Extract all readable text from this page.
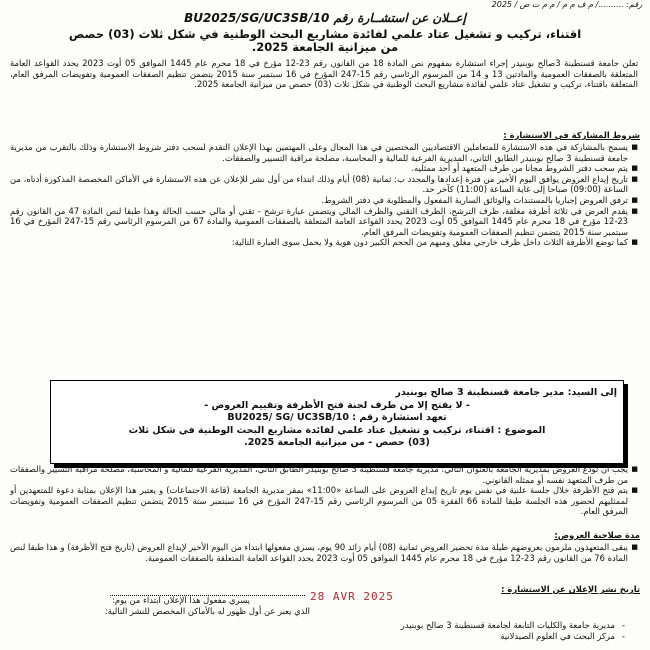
رقم: ........../ م ف م م / م م ت ص / 2025
إعــلان عن استشــارة رقم BU2025/SG/UC3SB/10
اقتناء، تركيب و تشغيل عتاد علمي لفائدة مشاريع البحث الوطنية في شكل ثلاث (03) حصص
من ميزانية الجامعة 2025.
تعلن جامعة قسنطينة 3صالح بوبنيدر إجراء استشارة بمفهوم نص المادة 18 من القانون رقم 23-12 مؤرخ في 18 محرم عام 1445 الموافق 05 أوت 2023 يحدد القواعد العامة المتعلقة بالصفقات العمومية والمادتين 13 و 14 من المرسوم الرئاسي رقم 15-247 المؤرخ في 16 سبتمبر سنة 2015 يتضمن تنظيم الصفقات العمومية وتفويضات المرفق العام، المتعلقة باقتناء، تركيب و تشغيل عتاد علمي لفائدة مشاريع البحث الوطنية في شكل ثلاث (03) حصص من ميزانية الجامعة 2025.
شروط المشاركة في الاستشارة :

■ يسمح بالمشاركة في هذه الاستشارة للمتعاملين الاقتصاديين المختصين في هذا المجال وعلى المهتمين بهذا الإعلان التقدم لسحب دفتر شروط الاستشارة وذلك بالتقرب من مديرية جامعة قسنطينة 3 صالح بوبنيدر الطابق الثاني، المديرية الفرعية للمالية و المحاسبة، مصلحة مراقبة التسيير والصفقات.

■ يتم سحب دفتر الشروط مجانا من طرف المتعهد أو أحد ممثليه.

■ تاريخ إيداع العروض يوافق اليوم الأخير من فترة إعدادها والمحدد ب: ثمانية (08) أيام وذلك ابتداء من أول نشر للإعلان عن هذه الاستشارة في الأماكن المخصصة المذكورة أدناه، من الساعة (09:00) صباحا إلى غاية الساعة (11:00) كآخر حد.

■ ترفق العروض إجباريا بالمستندات والوثائق السارية المفعول والمطلوبة في دفتر الشروط.

■ يقدم العرض في ثلاثة أظرفة مغلقة، ظرف الترشح، الظرف التقني والظرف المالي ويتضمن عبارة ترشح - تقني أو مالي حسب الحالة وهذا طبقا لنص المادة 47 من القانون رقم 23-12 مؤرخ في 18 محرم عام 1445 الموافق 05 أوت 2023 يحدد القواعد العامة المتعلقة بالصفقات العمومية والمادة 67 من المرسوم الرئاسي رقم 15-247 المؤرخ في 16 سبتمبر سنة 2015 يتضمن تنظيم الصفقات العمومية وتفويضات المرفق العام.

■ كما توضع الأظرفة الثلاث داخل ظرف خارجي مغلق ومبهم من الحجم الكبير دون هوية ولا يحمل سوى العبارة التالية:

إلى السيد: مدير جامعة قسنطينة 3 صالح بوبنيدر
- لا يفتح إلا من طرف لجنة فتح الأظرفة وتقييم العروض -
تعهد استشارة رقم : BU2025/ SG/ UC3SB/10
الموضوع : اقتناء، تركيب و تشغيل عتاد علمي لفائدة مشاريع البحث الوطنية في شكل ثلاث
(03) حصص - من ميزانية الجامعة 2025.

■ يجب أن تودع العروض بمديرية الجامعة بالعنوان التالي: مديرية جامعة قسنطينة 3 صالح بوبنيدر الطابق الثاني، المديرية الفرعية للمالية و المحاسبة، مصلحة مراقبة التسيير والصفقات من طرف المتعهد نفسه أو ممثله القانوني.

■ يتم فتح الأظرفة خلال جلسة علنية في نفس يوم تاريخ إيداع العروض على الساعة «11:00» بمقر مديرية الجامعة (قاعة الاجتماعات) و يعتبر هذا الإعلان بمثابة دعوة للمتعهدين أو لممثليهم لحضور هذه الجلسة طبقا للمادة 66 الفقرة 05 من المرسوم الرئاسي رقم 15-247 المؤرخ في 16 سبتمبر سنة 2015 يتضمن تنظيم الصفقات العمومية وتفويضات المرفق العام.

مدة صلاحية العروض:

■ يبقى المتعهدون ملزمون بعروضهم طيلة مدة تحضير العروض ثمانية (08) أيام زائد 90 يوم، يسري مفعولها ابتداء من اليوم الأخير لإيداع العروض (تاريخ فتح الأظرفة) و هذا طبقا لنص المادة 76 من القانون رقم 23-12 مؤرخ في 18 محرم عام 1445 الموافق 05 أوت 2023 يحدد القواعد العامة المتعلقة بالصفقات العمومية.

تاريخ نشر الإعلان عن الاستشارة :
يسري مفعول هذا الإعلان ابتداء من يوم:	28 AVR 2025
الذي يعبر عن أول ظهور له بالأماكن المخصص للنشر التالية:

- مديرية جامعة والكليات التابعة لجامعة قسنطينة 3 صالح بوبنيدر

- مركز البحث في العلوم الصيدلانية
